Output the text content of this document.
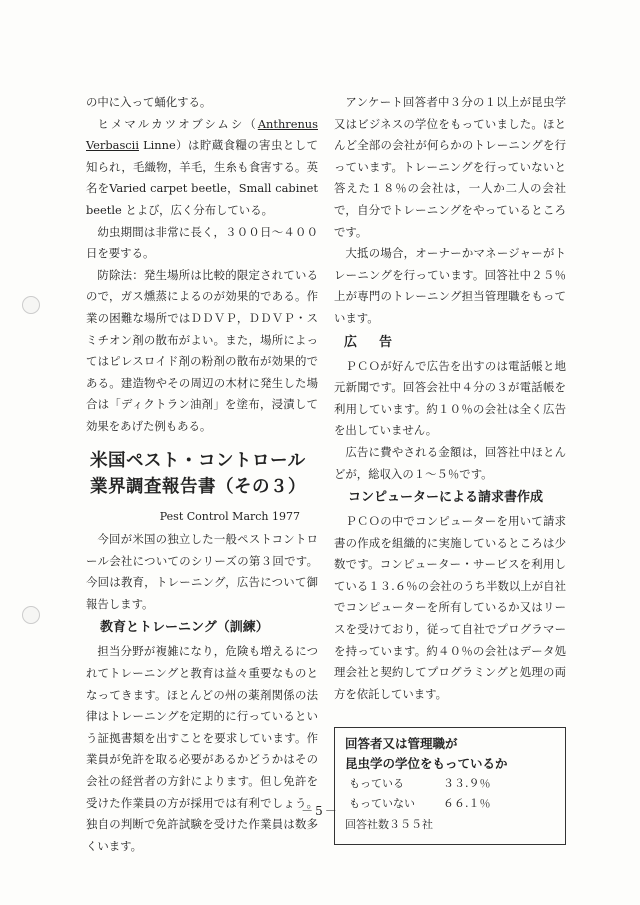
の中に入って蛹化する。

ヒメマルカツオブシムシ（Anthrenus Verbascii Linne）は貯蔵食糧の害虫として知られ，毛織物，羊毛，生糸も食害する。英名をVaried carpet beetle，Small cabinet beetle とよび，広く分布している。

幼虫期間は非常に長く，３００日～４００日を要する。

防除法：発生場所は比較的限定されているので，ガス燻蒸によるのが効果的である。作業の困難な場所ではＤＤＶＰ，ＤＤＶＰ・スミチオン剤の散布がよい。また，場所によってはピレスロイド剤の粉剤の散布が効果的である。建造物やその周辺の木材に発生した場合は「ディクトラン油剤」を塗布，浸漬して効果をあげた例もある。

米国ペスト・コントロール
業界調査報告書（その３）
Pest Control March 1977

今回が米国の独立した一般ペストコントロール会社についてのシリーズの第３回です。今回は教育，トレーニング，広告について御報告します。

教育とトレーニング（訓練）

担当分野が複雑になり，危険も増えるにつれてトレーニングと教育は益々重要なものとなってきます。ほとんどの州の薬剤関係の法律はトレーニングを定期的に行っているという証拠書類を出すことを要求しています。作業員が免許を取る必要があるかどうかはその会社の経営者の方針によります。但し免許を受けた作業員の方が採用では有利でしょう。独自の判断で免許試験を受けた作業員は数多くいます。

アンケート回答者中３分の１以上が昆虫学又はビジネスの学位をもっていました。ほとんど全部の会社が何らかのトレーニングを行っています。トレーニングを行っていないと答えた１８％の会社は，一人か二人の会社で，自分でトレーニングをやっているところです。

大抵の場合，オーナーかマネージャーがトレーニングを行っています。回答社中２５％上が専門のトレーニング担当管理職をもっています。

広告

ＰＣＯが好んで広告を出すのは電話帳と地元新聞です。回答会社中４分の３が電話帳を利用しています。約１０％の会社は全く広告を出していません。

広告に費やされる金額は，回答社中ほとんどが，総収入の１～５％です。

コンピューターによる請求書作成

ＰＣＯの中でコンピューターを用いて請求書の作成を組織的に実施しているところは少数です。コンピューター・サービスを利用している１３.６％の会社のうち半数以上が自社でコンピューターを所有しているか又はリースを受けており，従って自社でプログラマーを持っています。約４０％の会社はデータ処理会社と契約してプログラミングと処理の両方を依託しています。

回答者又は管理職が
昆虫学の学位をもっているか
もっている	３３.９％
もっていない	６６.１％
回答社数３５５社
－5－
